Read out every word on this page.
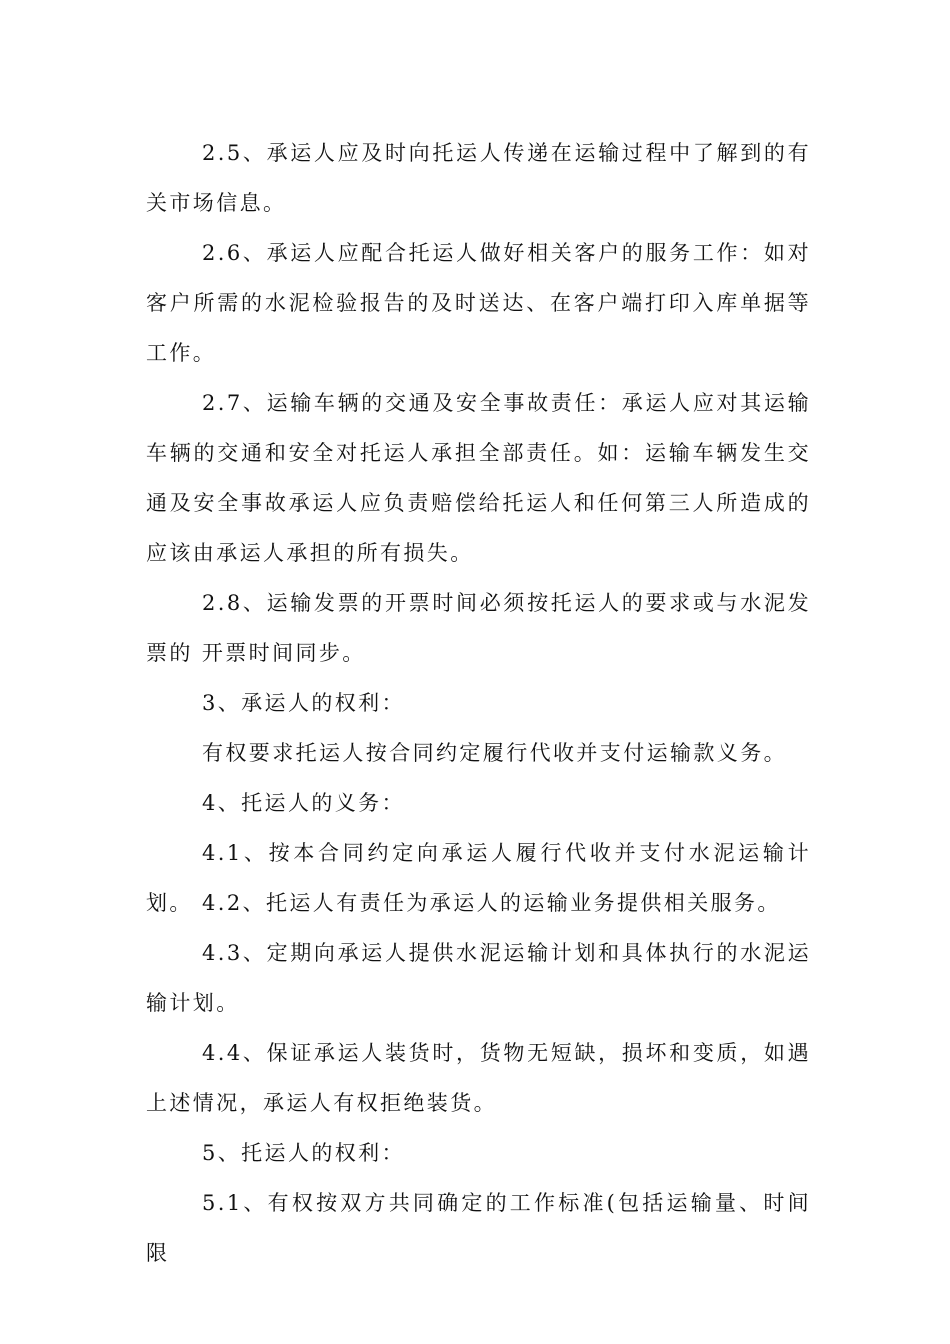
2.5、承运人应及时向托运人传递在运输过程中了解到的有关市场信息。

2.6、承运人应配合托运人做好相关客户的服务工作：如对客户所需的水泥检验报告的及时送达、在客户端打印入库单据等工作。

2.7、运输车辆的交通及安全事故责任：承运人应对其运输车辆的交通和安全对托运人承担全部责任。如：运输车辆发生交通及安全事故承运人应负责赔偿给托运人和任何第三人所造成的应该由承运人承担的所有损失。

2.8、运输发票的开票时间必须按托运人的要求或与水泥发票的 开票时间同步。

3、承运人的权利：

有权要求托运人按合同约定履行代收并支付运输款义务。

4、托运人的义务：

4.1、按本合同约定向承运人履行代收并支付水泥运输计划。 4.2、托运人有责任为承运人的运输业务提供相关服务。

4.3、定期向承运人提供水泥运输计划和具体执行的水泥运输计划。

4.4、保证承运人装货时，货物无短缺，损坏和变质，如遇上述情况，承运人有权拒绝装货。

5、托运人的权利：

5.1、有权按双方共同确定的工作标准(包括运输量、时间限
